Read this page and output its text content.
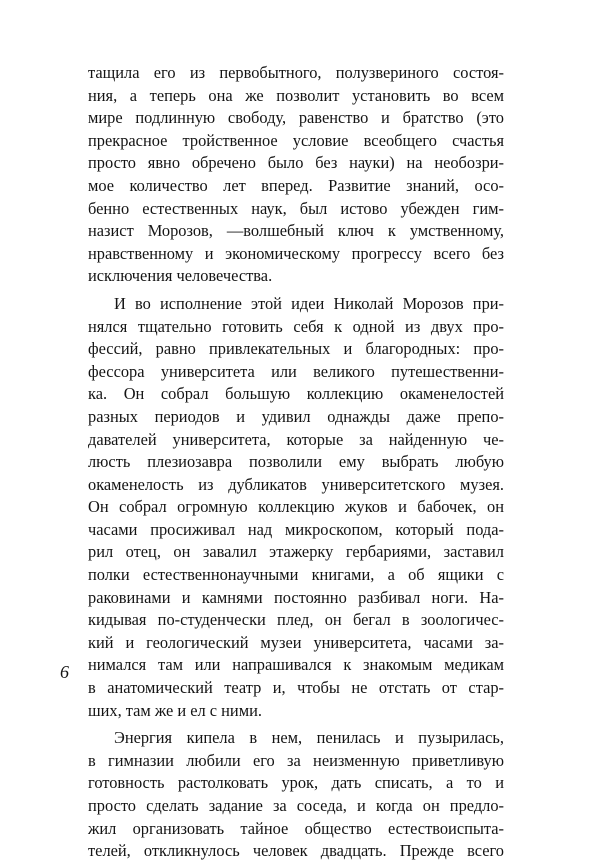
тащила его из первобытного, полузвериного состоя-
ния, а теперь она же позволит установить во всем
мире подлинную свободу, равенство и братство (это
прекрасное тройственное условие всеобщего счастья
просто явно обречено было без науки) на необозри-
мое количество лет вперед. Развитие знаний, осо-
бенно естественных наук, был истово убежден гим-
назист Морозов, —волшебный ключ к умственному,
нравственному и экономическому прогрессу всего без
исключения человечества.
И во исполнение этой идеи Николай Морозов при-
нялся тщательно готовить себя к одной из двух про-
фессий, равно привлекательных и благородных: про-
фессора университета или великого путешественни-
ка. Он собрал большую коллекцию окаменелостей
разных периодов и удивил однажды даже препо-
давателей университета, которые за найденную че-
люсть плезиозавра позволили ему выбрать любую
окаменелость из дубликатов университетского музея.
Он собрал огромную коллекцию жуков и бабочек, он
часами просиживал над микроскопом, который пода-
рил отец, он завалил этажерку гербариями, заставил
полки естественнонаучными книгами, а об ящики с
раковинами и камнями постоянно разбивал ноги. На-
кидывая по-студенчески плед, он бегал в зоологичес-
кий и геологический музеи университета, часами за-
нимался там или напрашивался к знакомым медикам
в анатомический театр и, чтобы не отстать от стар-
ших, там же и ел с ними.
Энергия кипела в нем, пенилась и пузырилась,
в гимназии любили его за неизменную приветливую
готовность растолковать урок, дать списать, а то и
просто сделать задание за соседа, и когда он предло-
жил организовать тайное общество естествоиспыта-
телей, откликнулось человек двадцать. Прежде всего
6
